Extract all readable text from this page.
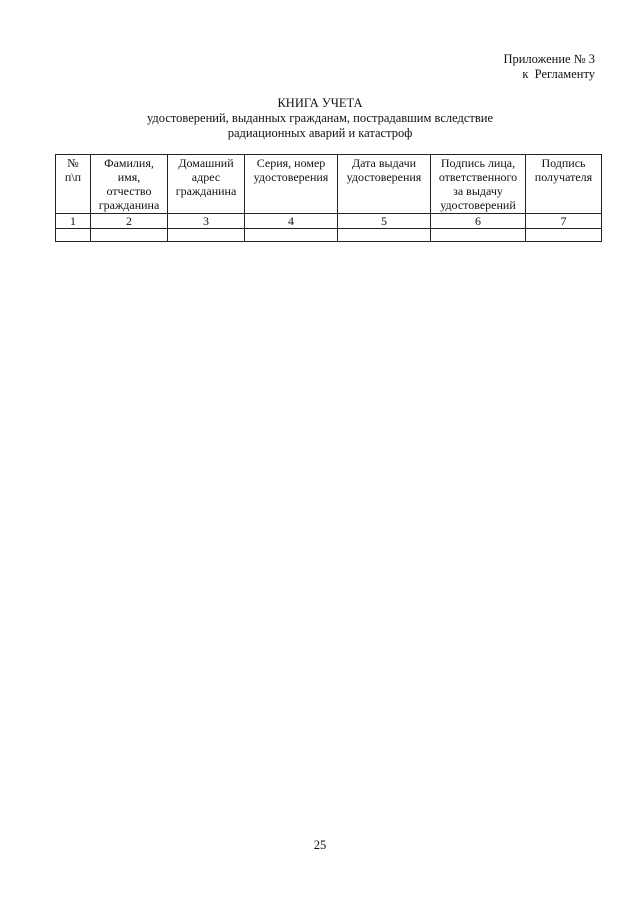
Приложение № 3
к  Регламенту
КНИГА УЧЕТА
удостоверений, выданных гражданам, пострадавшим вследствие
радиационных аварий и катастроф
№
п\п	Фамилия,
имя,
отчество
гражданина	Домашний
адрес
гражданина	Серия, номер
удостоверения	Дата выдачи
удостоверения	Подпись лица,
ответственного
за выдачу
удостоверений	Подпись
получателя

1	2	3	4	5	6	7

25
